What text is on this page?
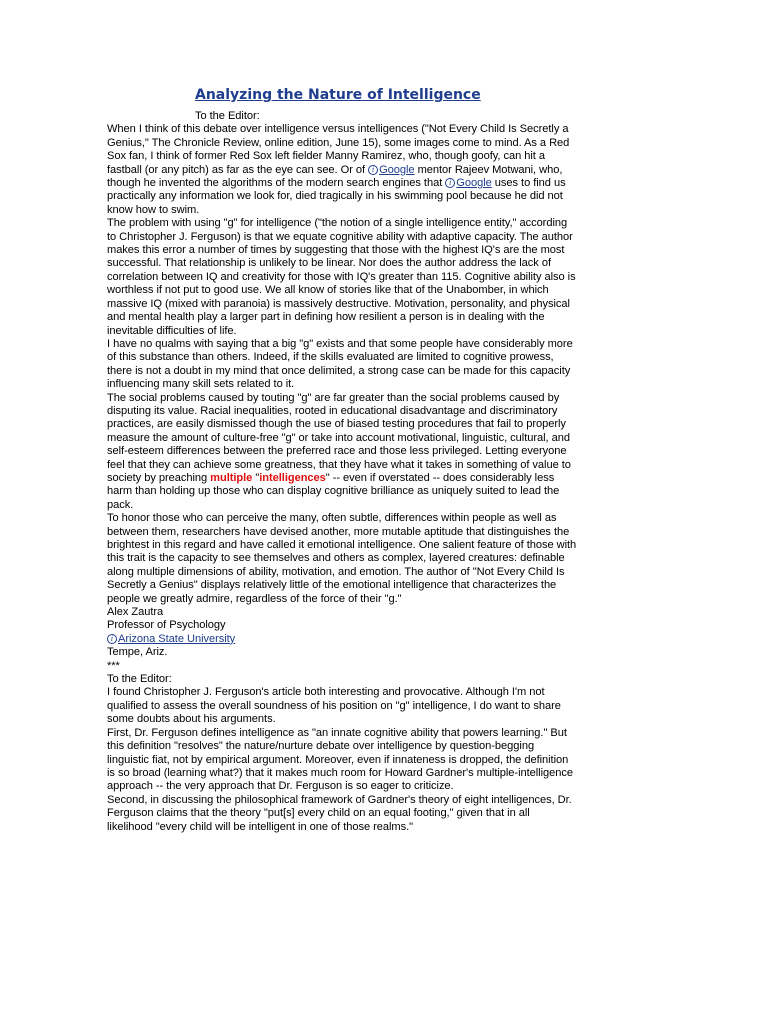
Analyzing the Nature of Intelligence

To the Editor:

When I think of this debate over intelligence versus intelligences ("Not Every Child Is Secretly a Genius," The Chronicle Review, online edition, June 15), some images come to mind. As a Red Sox fan, I think of former Red Sox left fielder Manny Ramirez, who, though goofy, can hit a fastball (or any pitch) as far as the eye can see. Or of i Google mentor Rajeev Motwani, who, though he invented the algorithms of the modern search engines that i Google uses to find us practically any information we look for, died tragically in his swimming pool because he did not know how to swim.

The problem with using "g" for intelligence ("the notion of a single intelligence entity," according to Christopher J. Ferguson) is that we equate cognitive ability with adaptive capacity. The author makes this error a number of times by suggesting that those with the highest IQ's are the most successful. That relationship is unlikely to be linear. Nor does the author address the lack of correlation between IQ and creativity for those with IQ's greater than 115. Cognitive ability also is worthless if not put to good use. We all know of stories like that of the Unabomber, in which massive IQ (mixed with paranoia) is massively destructive. Motivation, personality, and physical and mental health play a larger part in defining how resilient a person is in dealing with the inevitable difficulties of life.

I have no qualms with saying that a big "g" exists and that some people have considerably more of this substance than others. Indeed, if the skills evaluated are limited to cognitive prowess, there is not a doubt in my mind that once delimited, a strong case can be made for this capacity influencing many skill sets related to it.

The social problems caused by touting "g" are far greater than the social problems caused by disputing its value. Racial inequalities, rooted in educational disadvantage and discriminatory practices, are easily dismissed though the use of biased testing procedures that fail to properly measure the amount of culture-free "g" or take into account motivational, linguistic, cultural, and self-esteem differences between the preferred race and those less privileged. Letting everyone feel that they can achieve some greatness, that they have what it takes in something of value to society by preaching multiple "intelligences" -- even if overstated -- does considerably less harm than holding up those who can display cognitive brilliance as uniquely suited to lead the pack.

To honor those who can perceive the many, often subtle, differences within people as well as between them, researchers have devised another, more mutable aptitude that distinguishes the brightest in this regard and have called it emotional intelligence. One salient feature of those with this trait is the capacity to see themselves and others as complex, layered creatures: definable along multiple dimensions of ability, motivation, and emotion. The author of "Not Every Child Is Secretly a Genius" displays relatively little of the emotional intelligence that characterizes the people we greatly admire, regardless of the force of their "g."

Alex Zautra

Professor of Psychology

i Arizona State University

Tempe, Ariz.

***

To the Editor:

I found Christopher J. Ferguson's article both interesting and provocative. Although I'm not qualified to assess the overall soundness of his position on "g" intelligence, I do want to share some doubts about his arguments.

First, Dr. Ferguson defines intelligence as "an innate cognitive ability that powers learning." But this definition "resolves" the nature/nurture debate over intelligence by question-begging linguistic fiat, not by empirical argument. Moreover, even if innateness is dropped, the definition is so broad (learning what?) that it makes much room for Howard Gardner's multiple-intelligence approach -- the very approach that Dr. Ferguson is so eager to criticize.

Second, in discussing the philosophical framework of Gardner's theory of eight intelligences, Dr. Ferguson claims that the theory "put[s] every child on an equal footing," given that in all likelihood "every child will be intelligent in one of those realms."
